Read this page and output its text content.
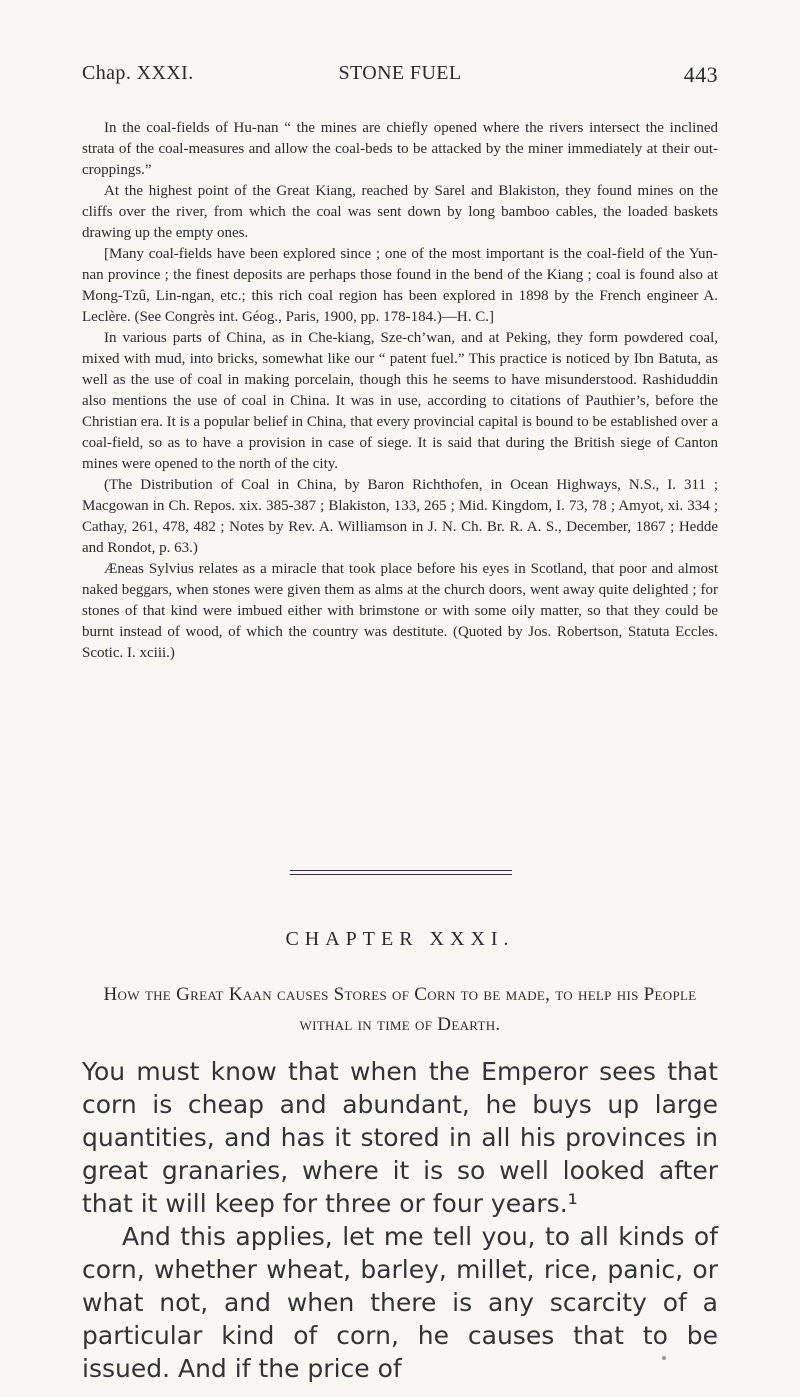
Chap. XXXI.	STONE FUEL	443

In the coal-fields of Hu-nan “ the mines are chiefly opened where the rivers intersect the inclined strata of the coal-measures and allow the coal-beds to be attacked by the miner immediately at their out-croppings.”

At the highest point of the Great Kiang, reached by Sarel and Blakiston, they found mines on the cliffs over the river, from which the coal was sent down by long bamboo cables, the loaded baskets drawing up the empty ones.

[Many coal-fields have been explored since ; one of the most important is the coal-field of the Yun-nan province ; the finest deposits are perhaps those found in the bend of the Kiang ; coal is found also at Mong-Tzû, Lin-ngan, etc.; this rich coal region has been explored in 1898 by the French engineer A. Leclère. (See Congrès int. Géog., Paris, 1900, pp. 178-184.)—H. C.]

In various parts of China, as in Che-kiang, Sze-ch’wan, and at Peking, they form powdered coal, mixed with mud, into bricks, somewhat like our “ patent fuel.” This practice is noticed by Ibn Batuta, as well as the use of coal in making porcelain, though this he seems to have misunderstood. Rashiduddin also mentions the use of coal in China. It was in use, according to citations of Pauthier’s, before the Christian era. It is a popular belief in China, that every provincial capital is bound to be established over a coal-field, so as to have a provision in case of siege. It is said that during the British siege of Canton mines were opened to the north of the city.

(The Distribution of Coal in China, by Baron Richthofen, in Ocean Highways, N.S., I. 311 ; Macgowan in Ch. Repos. xix. 385-387 ; Blakiston, 133, 265 ; Mid. Kingdom, I. 73, 78 ; Amyot, xi. 334 ; Cathay, 261, 478, 482 ; Notes by Rev. A. Williamson in J. N. Ch. Br. R. A. S., December, 1867 ; Hedde and Rondot, p. 63.)

Æneas Sylvius relates as a miracle that took place before his eyes in Scotland, that poor and almost naked beggars, when stones were given them as alms at the church doors, went away quite delighted ; for stones of that kind were imbued either with brimstone or with some oily matter, so that they could be burnt instead of wood, of which the country was destitute. (Quoted by Jos. Robertson, Statuta Eccles. Scotic. I. xciii.)

CHAPTER XXXI.
How the Great Kaan causes Stores of Corn to be made, to help his People withal in time of Dearth.

You must know that when the Emperor sees that corn is cheap and abundant, he buys up large quantities, and has it stored in all his provinces in great granaries, where it is so well looked after that it will keep for three or four years.¹

And this applies, let me tell you, to all kinds of corn, whether wheat, barley, millet, rice, panic, or what not, and when there is any scarcity of a particular kind of corn, he causes that to be issued. And if the price of
